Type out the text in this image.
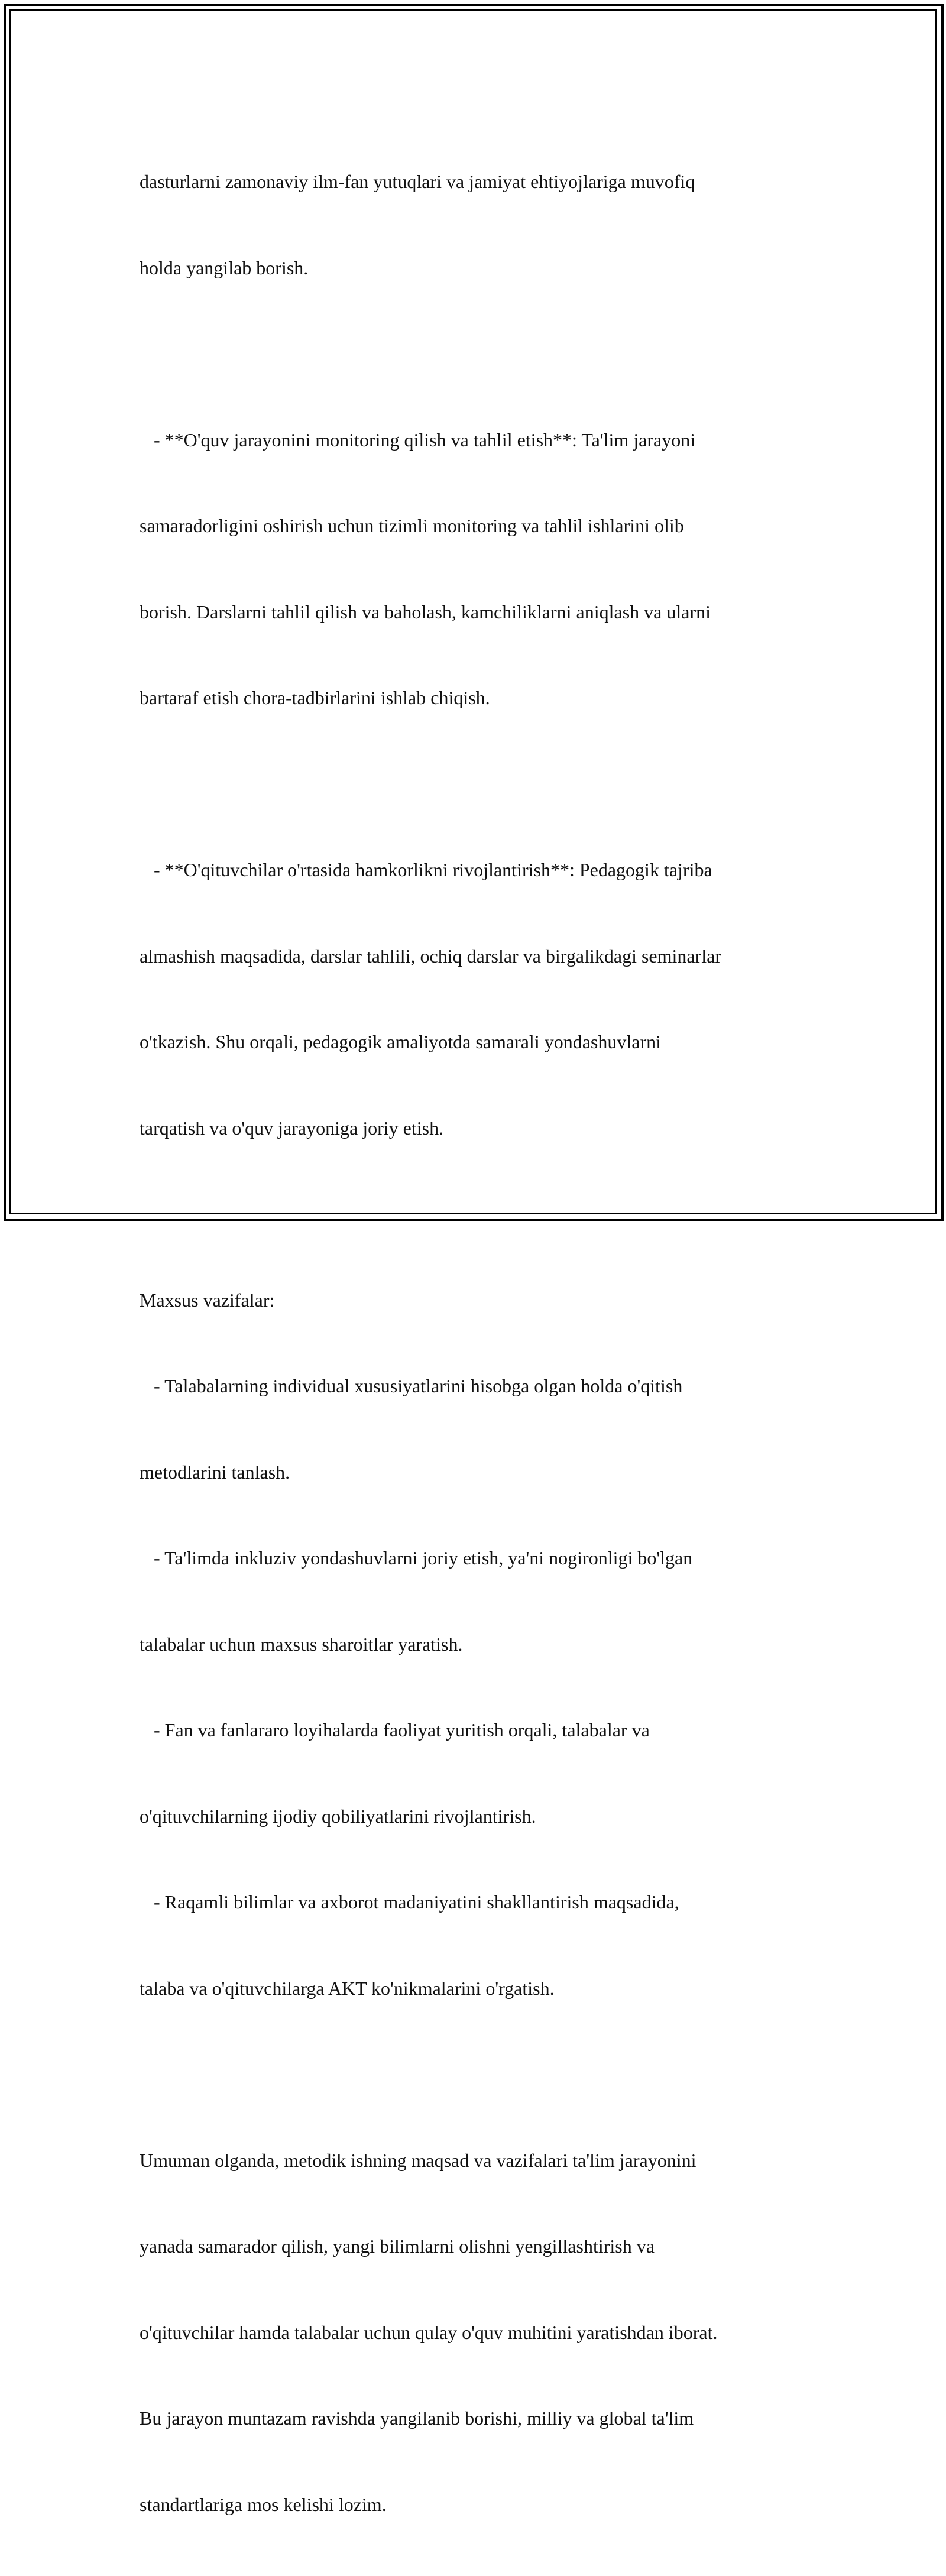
dasturlarni zamonaviy ilm-fan yutuqlari va jamiyat ehtiyojlariga muvofiq

holda yangilab borish.

- **O'quv jarayonini monitoring qilish va tahlil etish**: Ta'lim jarayoni

samaradorligini oshirish uchun tizimli monitoring va tahlil ishlarini olib

borish. Darslarni tahlil qilish va baholash, kamchiliklarni aniqlash va ularni

bartaraf etish chora-tadbirlarini ishlab chiqish.

- **O'qituvchilar o'rtasida hamkorlikni rivojlantirish**: Pedagogik tajriba

almashish maqsadida, darslar tahlili, ochiq darslar va birgalikdagi seminarlar

o'tkazish. Shu orqali, pedagogik amaliyotda samarali yondashuvlarni

tarqatish va o'quv jarayoniga joriy etish.

Maxsus vazifalar:

- Talabalarning individual xususiyatlarini hisobga olgan holda o'qitish

metodlarini tanlash.

- Ta'limda inkluziv yondashuvlarni joriy etish, ya'ni nogironligi bo'lgan

talabalar uchun maxsus sharoitlar yaratish.

- Fan va fanlararo loyihalarda faoliyat yuritish orqali, talabalar va

o'qituvchilarning ijodiy qobiliyatlarini rivojlantirish.

- Raqamli bilimlar va axborot madaniyatini shakllantirish maqsadida,

talaba va o'qituvchilarga AKT ko'nikmalarini o'rgatish.

Umuman olganda, metodik ishning maqsad va vazifalari ta'lim jarayonini

yanada samarador qilish, yangi bilimlarni olishni yengillashtirish va

o'qituvchilar hamda talabalar uchun qulay o'quv muhitini yaratishdan iborat.

Bu jarayon muntazam ravishda yangilanib borishi, milliy va global ta'lim

standartlariga mos kelishi lozim.
